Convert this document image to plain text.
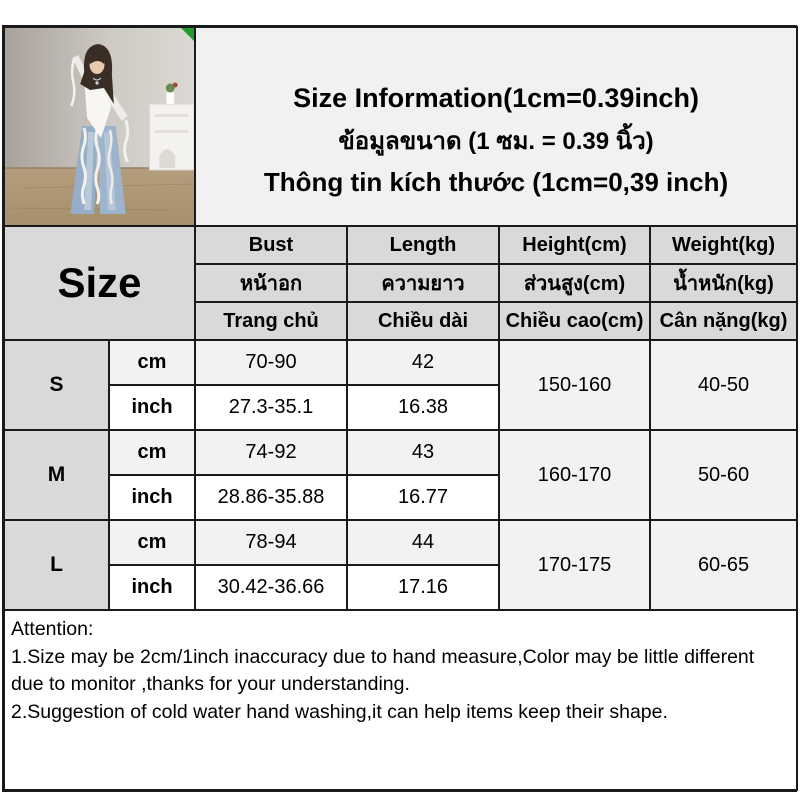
Size Information(1cm=0.39inch)
ข้อมูลขนาด (1 ซม. = 0.39 นิ้ว)
Thông tin kích thước (1cm=0,39 inch)			

Size		Bust	Length	Height(cm)	Weight(kg)
		หน้าอก	ความยาว	ส่วนสูง(cm)	น้ำหนัก(kg)
		Trang chủ	Chiều dài	Chiều cao(cm)	Cân nặng(kg)
S	cm	70-90	42	150-160	40-50
	inch	27.3-35.1	16.38		
M	cm	74-92	43	160-170	50-60
	inch	28.86-35.88	16.77		
L	cm	78-94	44	170-175	60-65
	inch	30.42-36.66	17.16		

Attention:
1.Size may be 2cm/1inch inaccuracy due to hand measure,Color may be little different due to monitor ,thanks for your understanding.
2.Suggestion of cold water hand washing,it can help items keep their shape.					
